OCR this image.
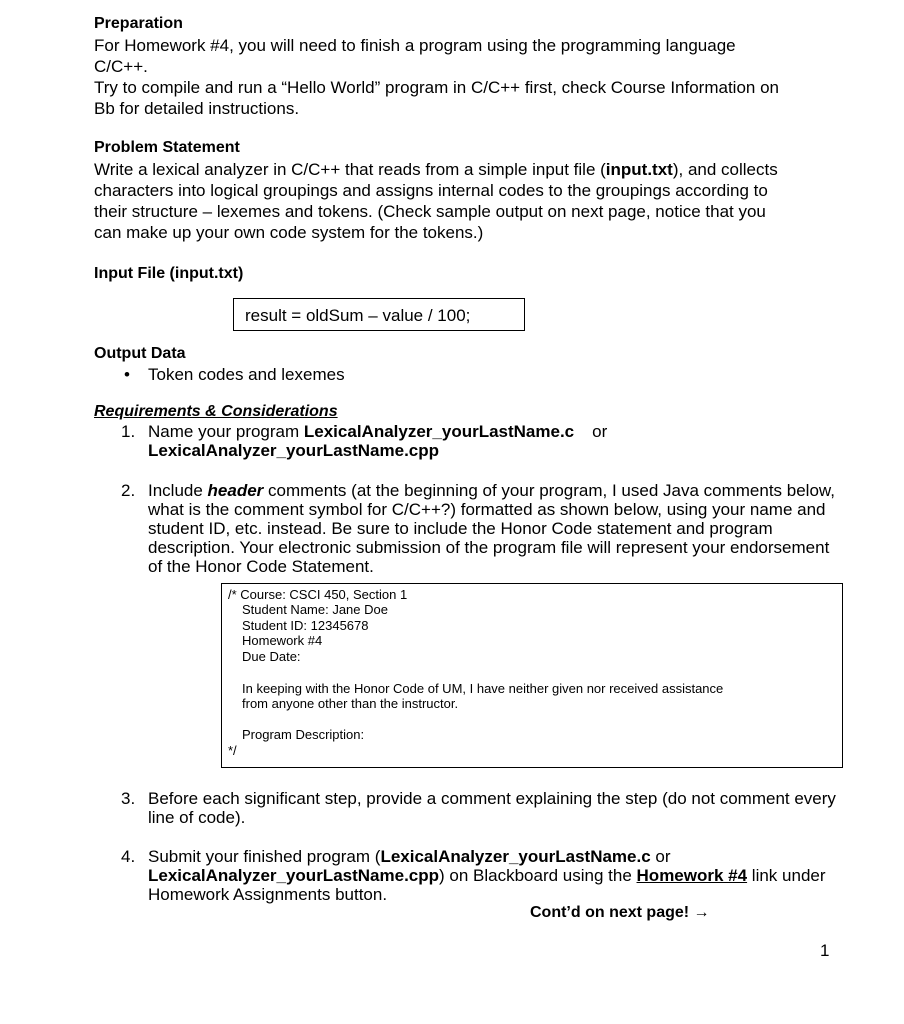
Preparation
For Homework #4, you will need to finish a program using the programming language
C/C++.
Try to compile and run a “Hello World” program in C/C++ first, check Course Information on
Bb for detailed instructions.
Problem Statement
Write a lexical analyzer in C/C++ that reads from a simple input file (input.txt), and collects
characters into logical groupings and assigns internal codes to the groupings according to
their structure – lexemes and tokens. (Check sample output on next page, notice that you
can make up your own code system for the tokens.)
Input File (input.txt)
result = oldSum – value / 100;
Output Data
• Token codes and lexemes
Requirements & Considerations
1. Name your program LexicalAnalyzer_yourLastName.c or
LexicalAnalyzer_yourLastName.cpp
2. Include header comments (at the beginning of your program, I used Java comments below,
what is the comment symbol for C/C++?) formatted as shown below, using your name and
student ID, etc. instead. Be sure to include the Honor Code statement and program
description. Your electronic submission of the program file will represent your endorsement
of the Honor Code Statement.
/* Course: CSCI 450, Section 1
Student Name: Jane Doe
Student ID: 12345678
Homework #4
Due Date:
In keeping with the Honor Code of UM, I have neither given nor received assistance
from anyone other than the instructor.
Program Description:
*/
3. Before each significant step, provide a comment explaining the step (do not comment every
line of code).
4. Submit your finished program (LexicalAnalyzer_yourLastName.c or
LexicalAnalyzer_yourLastName.cpp) on Blackboard using the Homework #4 link under
Homework Assignments button.
Cont’d on next page! →
1
